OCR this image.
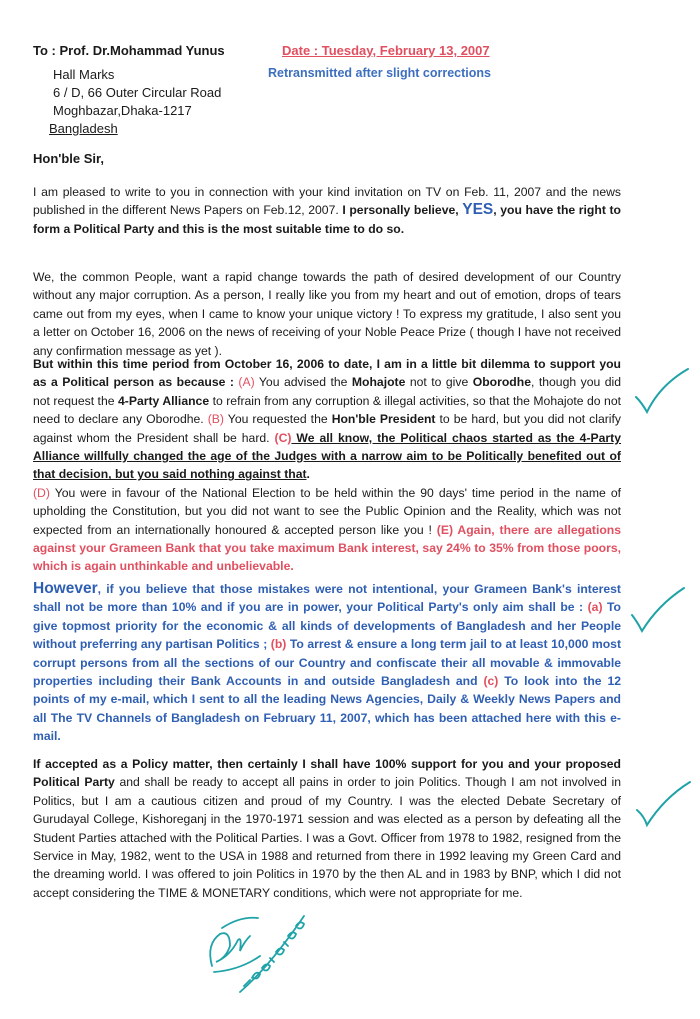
To : Prof. Dr.Mohammad Yunus	Date : Tuesday, February 13, 2007
Retransmitted after slight corrections
Hall Marks
6 / D, 66 Outer Circular Road
Moghbazar,Dhaka-1217
Bangladesh
Hon'ble Sir,
I am pleased to write to you in connection with your kind invitation on TV on Feb. 11, 2007 and the news published in the different News Papers on Feb.12, 2007. I personally believe, YES, you have the right to form a Political Party and this is the most suitable time to do so.
We, the common People, want a rapid change towards the path of desired development of our Country without any major corruption. As a person, I really like you from my heart and out of emotion, drops of tears came out from my eyes, when I came to know your unique victory ! To express my gratitude, I also sent you a letter on October 16, 2006 on the news of receiving of your Noble Peace Prize ( though I have not received any confirmation message as yet ).
But within this time period from October 16, 2006 to date, I am in a little bit dilemma to support you as a Political person as because : (A) You advised the Mohajote not to give Oborodhe, though you did not request the 4-Party Alliance to refrain from any corruption & illegal activities, so that the Mohajote do not need to declare any Oborodhe. (B) You requested the Hon'ble President to be hard, but you did not clarify against whom the President shall be hard. (C) We all know, the Political chaos started as the 4-Party Alliance willfully changed the age of the Judges with a narrow aim to be Politically benefited out of that decision, but you said nothing against that.
(D) You were in favour of the National Election to be held within the 90 days' time period in the name of upholding the Constitution, but you did not want to see the Public Opinion and the Reality, which was not expected from an internationally honoured & accepted person like you ! (E) Again, there are allegations against your Grameen Bank that you take maximum Bank interest, say 24% to 35% from those poors, which is again unthinkable and unbelievable.
However, if you believe that those mistakes were not intentional, your Grameen Bank's interest shall not be more than 10% and if you are in power, your Political Party's only aim shall be : (a) To give topmost priority for the economic & all kinds of developments of Bangladesh and her People without preferring any partisan Politics ; (b) To arrest & ensure a long term jail to at least 10,000 most corrupt persons from all the sections of our Country and confiscate their all movable & immovable properties including their Bank Accounts in and outside Bangladesh and (c) To look into the 12 points of my e-mail, which I sent to all the leading News Agencies, Daily & Weekly News Papers and all The TV Channels of Bangladesh on February 11, 2007, which has been attached here with this e-mail.
If accepted as a Policy matter, then certainly I shall have 100% support for you and your proposed Political Party and shall be ready to accept all pains in order to join Politics. Though I am not involved in Politics, but I am a cautious citizen and proud of my Country. I was the elected Debate Secretary of Gurudayal College, Kishoreganj in the 1970-1971 session and was elected as a person by defeating all the Student Parties attached with the Political Parties. I was a Govt. Officer from 1978 to 1982, resigned from the Service in May, 1982, went to the USA in 1988 and returned from there in 1992 leaving my Green Card and the dreaming world. I was offered to join Politics in 1970 by the then AL and in 1983 by BNP, which I did not accept considering the TIME & MONETARY conditions, which were not appropriate for me.
